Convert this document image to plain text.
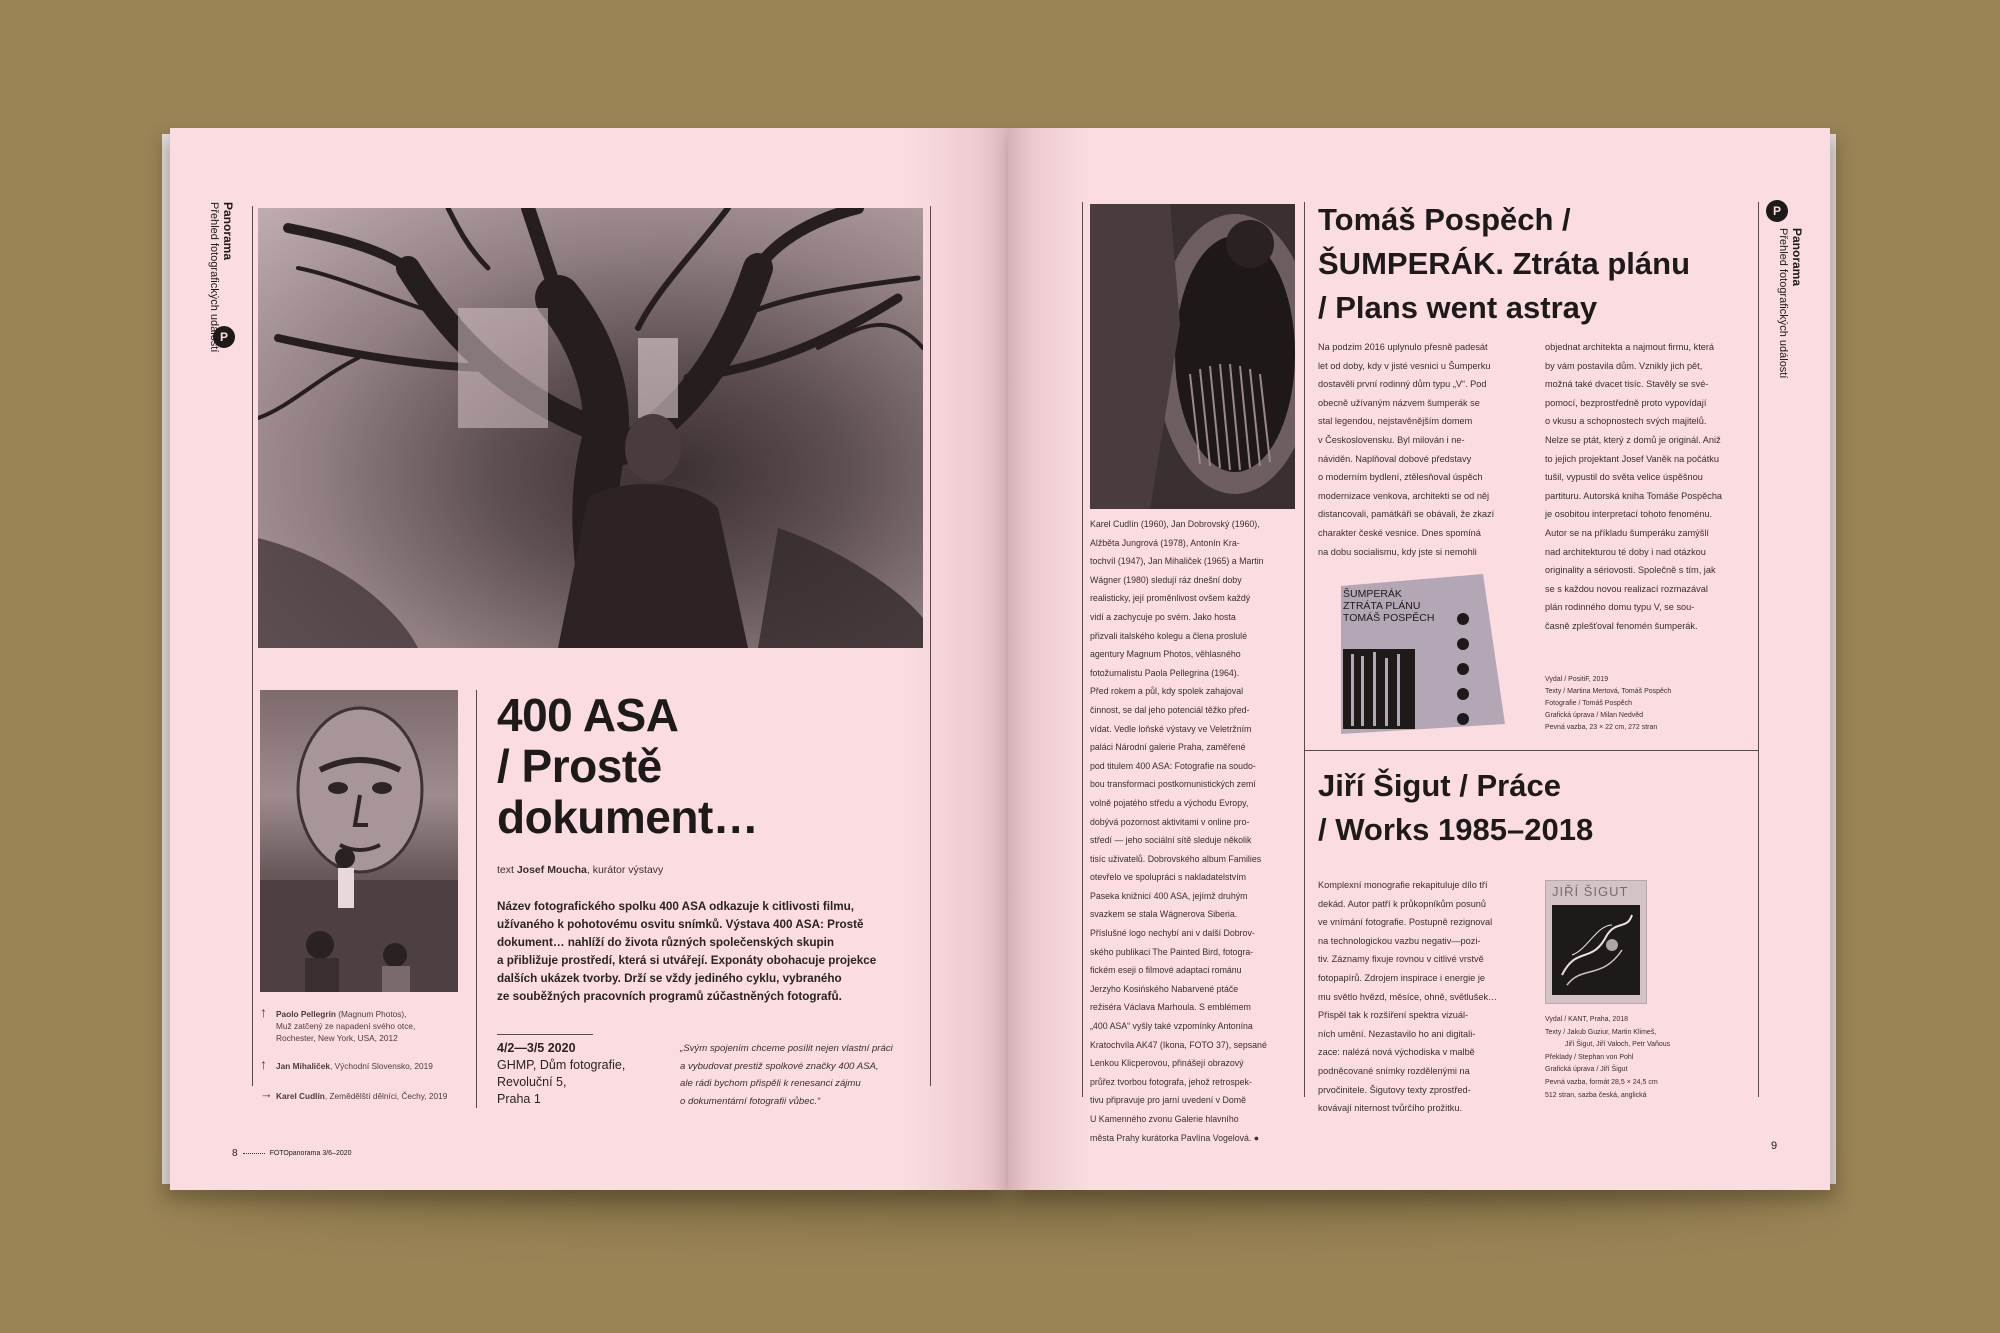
P
Panorama
Přehled fotografických událostí
↑ Paolo Pellegrin (Magnum Photos),
Muž zatčený ze napadení svého otce,
Rochester, New York, USA, 2012
↑ Jan Mihaliček, Východní Slovensko, 2019
→ Karel Cudlín, Zemědělští dělníci, Čechy, 2019
400 ASA
/ Prostě
dokument…
text Josef Moucha, kurátor výstavy
Název fotografického spolku 400 ASA odkazuje k citlivosti filmu,
užívaného k pohotovému osvitu snímků. Výstava 400 ASA: Prostě
dokument… nahlíží do života různých společenských skupin
a přibližuje prostředí, která si utvářejí. Exponáty obohacuje projekce
dalších ukázek tvorby. Drží se vždy jediného cyklu, vybraného
ze souběžných pracovních programů zúčastněných fotografů.
4/2—3/5 2020
GHMP, Dům fotografie,
Revoluční 5,
Praha 1
„Svým spojením chceme posílit nejen vlastní práci
a vybudovat prestiž spolkové značky 400 ASA,
ale rádi bychom přispěli k renesanci zájmu
o dokumentární fotografii vůbec.“
8	FOTOpanorama 3/6–2020
Tomáš Pospěch /
ŠUMPERÁK. Ztráta plánu
/ Plans went astray
P
Panorama
Přehled fotografických událostí
Na podzim 2016 uplynulo přesně padesát
let od doby, kdy v jisté vesnici u Šumperku
dostavěli první rodinný dům typu „V“. Pod
obecně užívaným názvem šumperák se
stal legendou, nejstavěnějším domem
v Československu. Byl milován i ne-
náviděn. Naplňoval dobové představy
o moderním bydlení, ztělesňoval úspěch
modernizace venkova, architekti se od něj
distancovali, památkáři se obávali, že zkazí
charakter české vesnice. Dnes spomíná
na dobu socialismu, kdy jste si nemohli
objednat architekta a najmout firmu, která
by vám postavila dům. Vznikly jich pět,
možná také dvacet tisíc. Stavěly se své-
pomocí, bezprostředně proto vypovídají
o vkusu a schopnostech svých majitelů.
Nelze se ptát, který z domů je originál. Aniž
to jejich projektant Josef Vaněk na počátku
tušil, vypustil do světa velice úspěšnou
partituru. Autorská kniha Tomáše Pospěcha
je osobitou interpretací tohoto fenoménu.
Autor se na příkladu šumperáku zamýšlí
nad architekturou té doby i nad otázkou
originality a sériovosti. Společně s tím, jak
se s každou novou realizací rozmazával
plán rodinného domu typu V, se sou-
časně zplešťoval fenomén šumperák.
ŠUMPERÁK
ZTRÁTA PLÁNU
TOMÁŠ POSPĚCH
Vydal / PositiF, 2019
Texty / Martina Mertová, Tomáš Pospěch
Fotografie / Tomáš Pospěch
Grafická úprava / Milan Nedvěd
Pevná vazba, 23 × 22 cm, 272 stran
Karel Cudlín (1960), Jan Dobrovský (1960),
Alžběta Jungrová (1978), Antonín Kra-
tochvíl (1947), Jan Mihaliček (1965) a Martin
Wágner (1980) sledují ráz dnešní doby
realisticky, její proměnlivost ovšem každý
vidí a zachycuje po svém. Jako hosta
přizvali italského kolegu a člena proslulé
agentury Magnum Photos, věhlasného
fotožurnalistu Paola Pellegrina (1964).
Před rokem a půl, kdy spolek zahajoval
činnost, se dal jeho potenciál těžko před-
vídat. Vedle loňské výstavy ve Veletržním
paláci Národní galerie Praha, zaměřené
pod titulem 400 ASA: Fotografie na soudo-
bou transformaci postkomunistických zemí
volně pojatého středu a východu Evropy,
dobývá pozornost aktivitami v online pro-
středí — jeho sociální sítě sleduje několik
tisíc uživatelů. Dobrovského album Families
otevřelo ve spolupráci s nakladatelstvím
Paseka knižnicí 400 ASA, jejímž druhým
svazkem se stala Wágnerova Siberia.
Příslušné logo nechybí ani v další Dobrov-
ského publikaci The Painted Bird, fotogra-
fickém eseji o filmové adaptaci románu
Jerzyho Kosińského Nabarvené ptáče
režiséra Václava Marhoula. S emblémem
„400 ASA“ vyšly také vzpomínky Antonína
Kratochvíla AK47 (Ikona, FOTO 37), sepsané
Lenkou Klicperovou, přinášejí obrazový
průřez tvorbou fotografa, jehož retrospek-
tivu připravuje pro jarní uvedení v Domě
U Kamenného zvonu Galerie hlavního
města Prahy kurátorka Pavlína Vogelová. ●
Jiří Šigut / Práce
/ Works 1985–2018
Komplexní monografie rekapituluje dílo tří
dekád. Autor patří k průkopníkům posunů
ve vnímání fotografie. Postupně rezignoval
na technologickou vazbu negativ—pozi-
tiv. Záznamy fixuje rovnou v citlivé vrstvě
fotopapírů. Zdrojem inspirace i energie je
mu světlo hvězd, měsíce, ohně, světlušek…
Přispěl tak k rozšíření spektra vizuál-
ních umění. Nezastavilo ho ani digitali-
zace: nalézá nová východiska v malbě
podněcované snímky rozdělenými na
prvočinitele. Šigutovy texty zprostřed-
kovávají niternost tvůrčího prožitku.
JIŘÍ ŠIGUT
Vydal / KANT, Praha, 2018
Texty / Jakub Guziur, Martin Klimeš,
Jiří Šigut, Jiří Valoch, Petr Vaňous
Překlady / Stephan von Pohl
Grafická úprava / Jiří Šigut
Pevná vazba, formát 28,5 × 24,5 cm
512 stran, sazba česká, anglická
9
